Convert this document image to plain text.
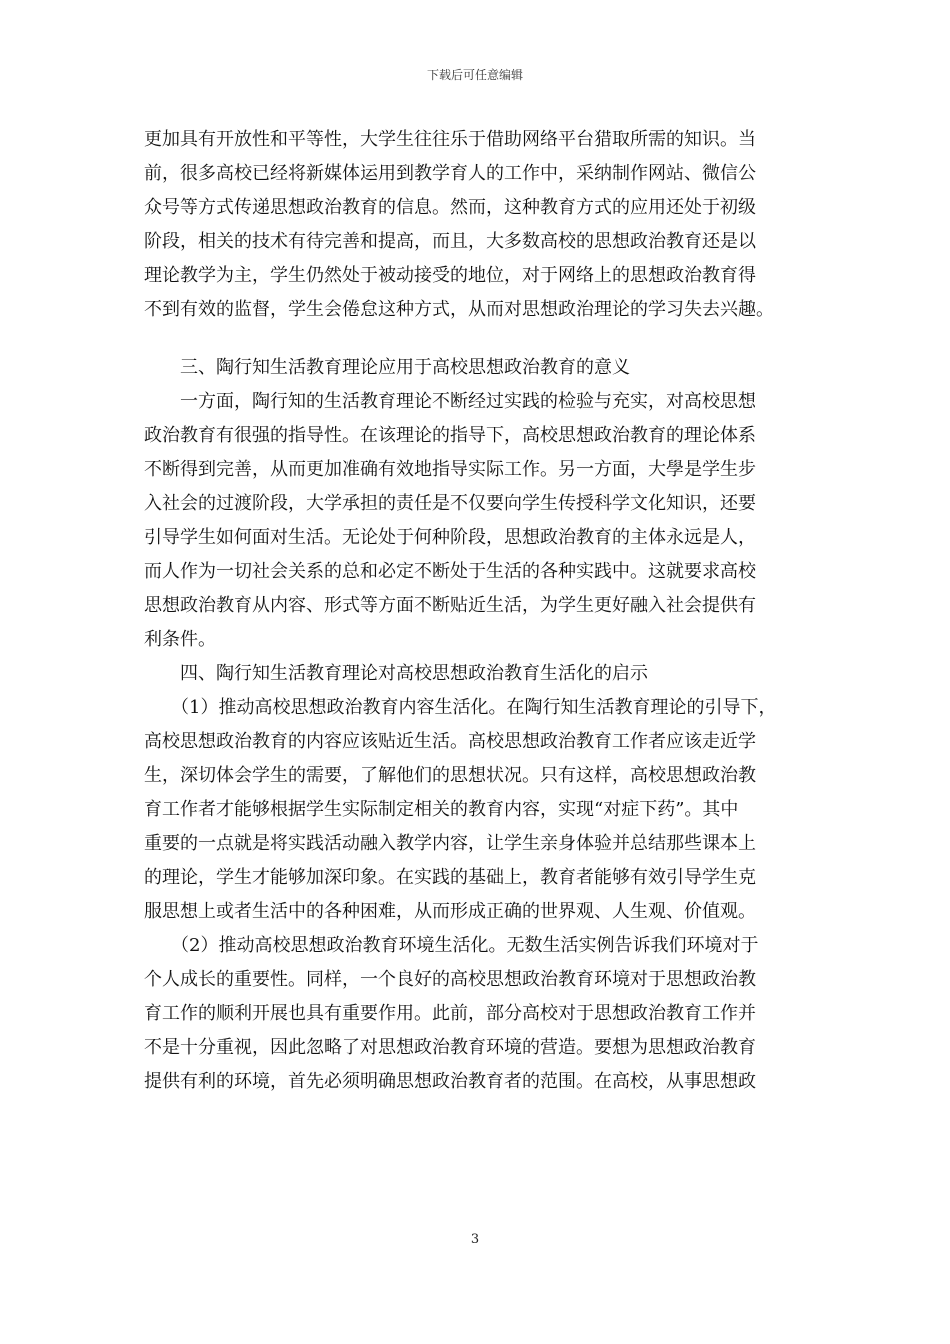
下载后可任意编辑
更加具有开放性和平等性，大学生往往乐于借助网络平台猎取所需的知识。当
前，很多高校已经将新媒体运用到教学育人的工作中，采纳制作网站、微信公
众号等方式传递思想政治教育的信息。然而，这种教育方式的应用还处于初级
阶段，相关的技术有待完善和提高，而且，大多数高校的思想政治教育还是以
理论教学为主，学生仍然处于被动接受的地位，对于网络上的思想政治教育得
不到有效的监督，学生会倦怠这种方式，从而对思想政治理论的学习失去兴趣。
　　三、陶行知生活教育理论应用于高校思想政治教育的意义
　　一方面，陶行知的生活教育理论不断经过实践的检验与充实，对高校思想
政治教育有很强的指导性。在该理论的指导下，高校思想政治教育的理论体系
不断得到完善，从而更加准确有效地指导实际工作。另一方面，大學是学生步
入社会的过渡阶段，大学承担的责任是不仅要向学生传授科学文化知识，还要
引导学生如何面对生活。无论处于何种阶段，思想政治教育的主体永远是人，
而人作为一切社会关系的总和必定不断处于生活的各种实践中。这就要求高校
思想政治教育从内容、形式等方面不断贴近生活，为学生更好融入社会提供有
利条件。
　　四、陶行知生活教育理论对高校思想政治教育生活化的启示
　　（1）推动高校思想政治教育内容生活化。在陶行知生活教育理论的引导下，
高校思想政治教育的内容应该贴近生活。高校思想政治教育工作者应该走近学
生，深切体会学生的需要，了解他们的思想状况。只有这样，高校思想政治教
育工作者才能够根据学生实际制定相关的教育内容，实现“对症下药”。其中
重要的一点就是将实践活动融入教学内容，让学生亲身体验并总结那些课本上
的理论，学生才能够加深印象。在实践的基础上，教育者能够有效引导学生克
服思想上或者生活中的各种困难，从而形成正确的世界观、人生观、价值观。
　　（2）推动高校思想政治教育环境生活化。无数生活实例告诉我们环境对于
个人成长的重要性。同样，一个良好的高校思想政治教育环境对于思想政治教
育工作的顺利开展也具有重要作用。此前，部分高校对于思想政治教育工作并
不是十分重视，因此忽略了对思想政治教育环境的营造。要想为思想政治教育
提供有利的环境，首先必须明确思想政治教育者的范围。在高校，从事思想政
3
